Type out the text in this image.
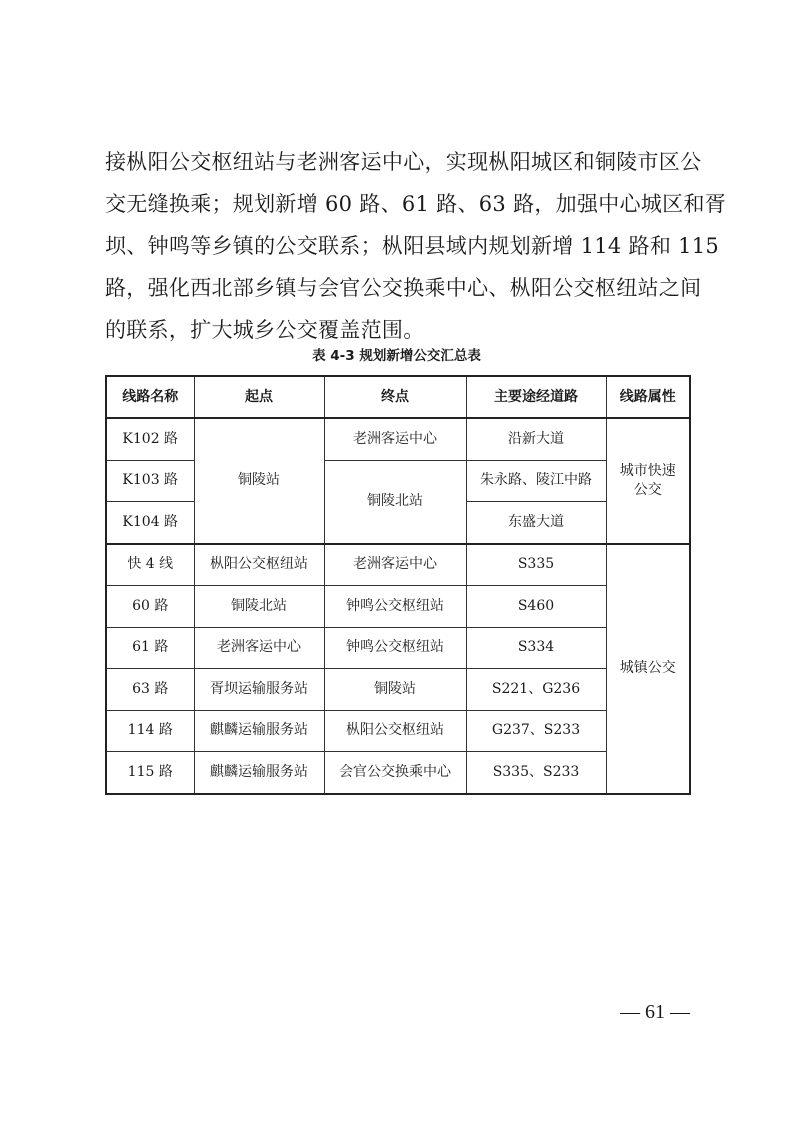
接枞阳公交枢纽站与老洲客运中心，实现枞阳城区和铜陵市区公
交无缝换乘；规划新增 60 路、61 路、63 路，加强中心城区和胥
坝、钟鸣等乡镇的公交联系；枞阳县域内规划新增 114 路和 115
路，强化西北部乡镇与会官公交换乘中心、枞阳公交枢纽站之间
的联系，扩大城乡公交覆盖范围。

表 4-3 规划新增公交汇总表
线路名称	起点	终点	主要途经道路	线路属性
K102 路	铜陵站	老洲客运中心	沿新大道	城市快速公交
K103 路		铜陵北站	朱永路、陵江中路	
K104 路			东盛大道	
快 4 线	枞阳公交枢纽站	老洲客运中心	S335	城镇公交
60 路	铜陵北站	钟鸣公交枢纽站	S460	
61 路	老洲客运中心	钟鸣公交枢纽站	S334	
63 路	胥坝运输服务站	铜陵站	S221、G236	
114 路	麒麟运输服务站	枞阳公交枢纽站	G237、S233	
115 路	麒麟运输服务站	会官公交换乘中心	S335、S233	
— 61 —
